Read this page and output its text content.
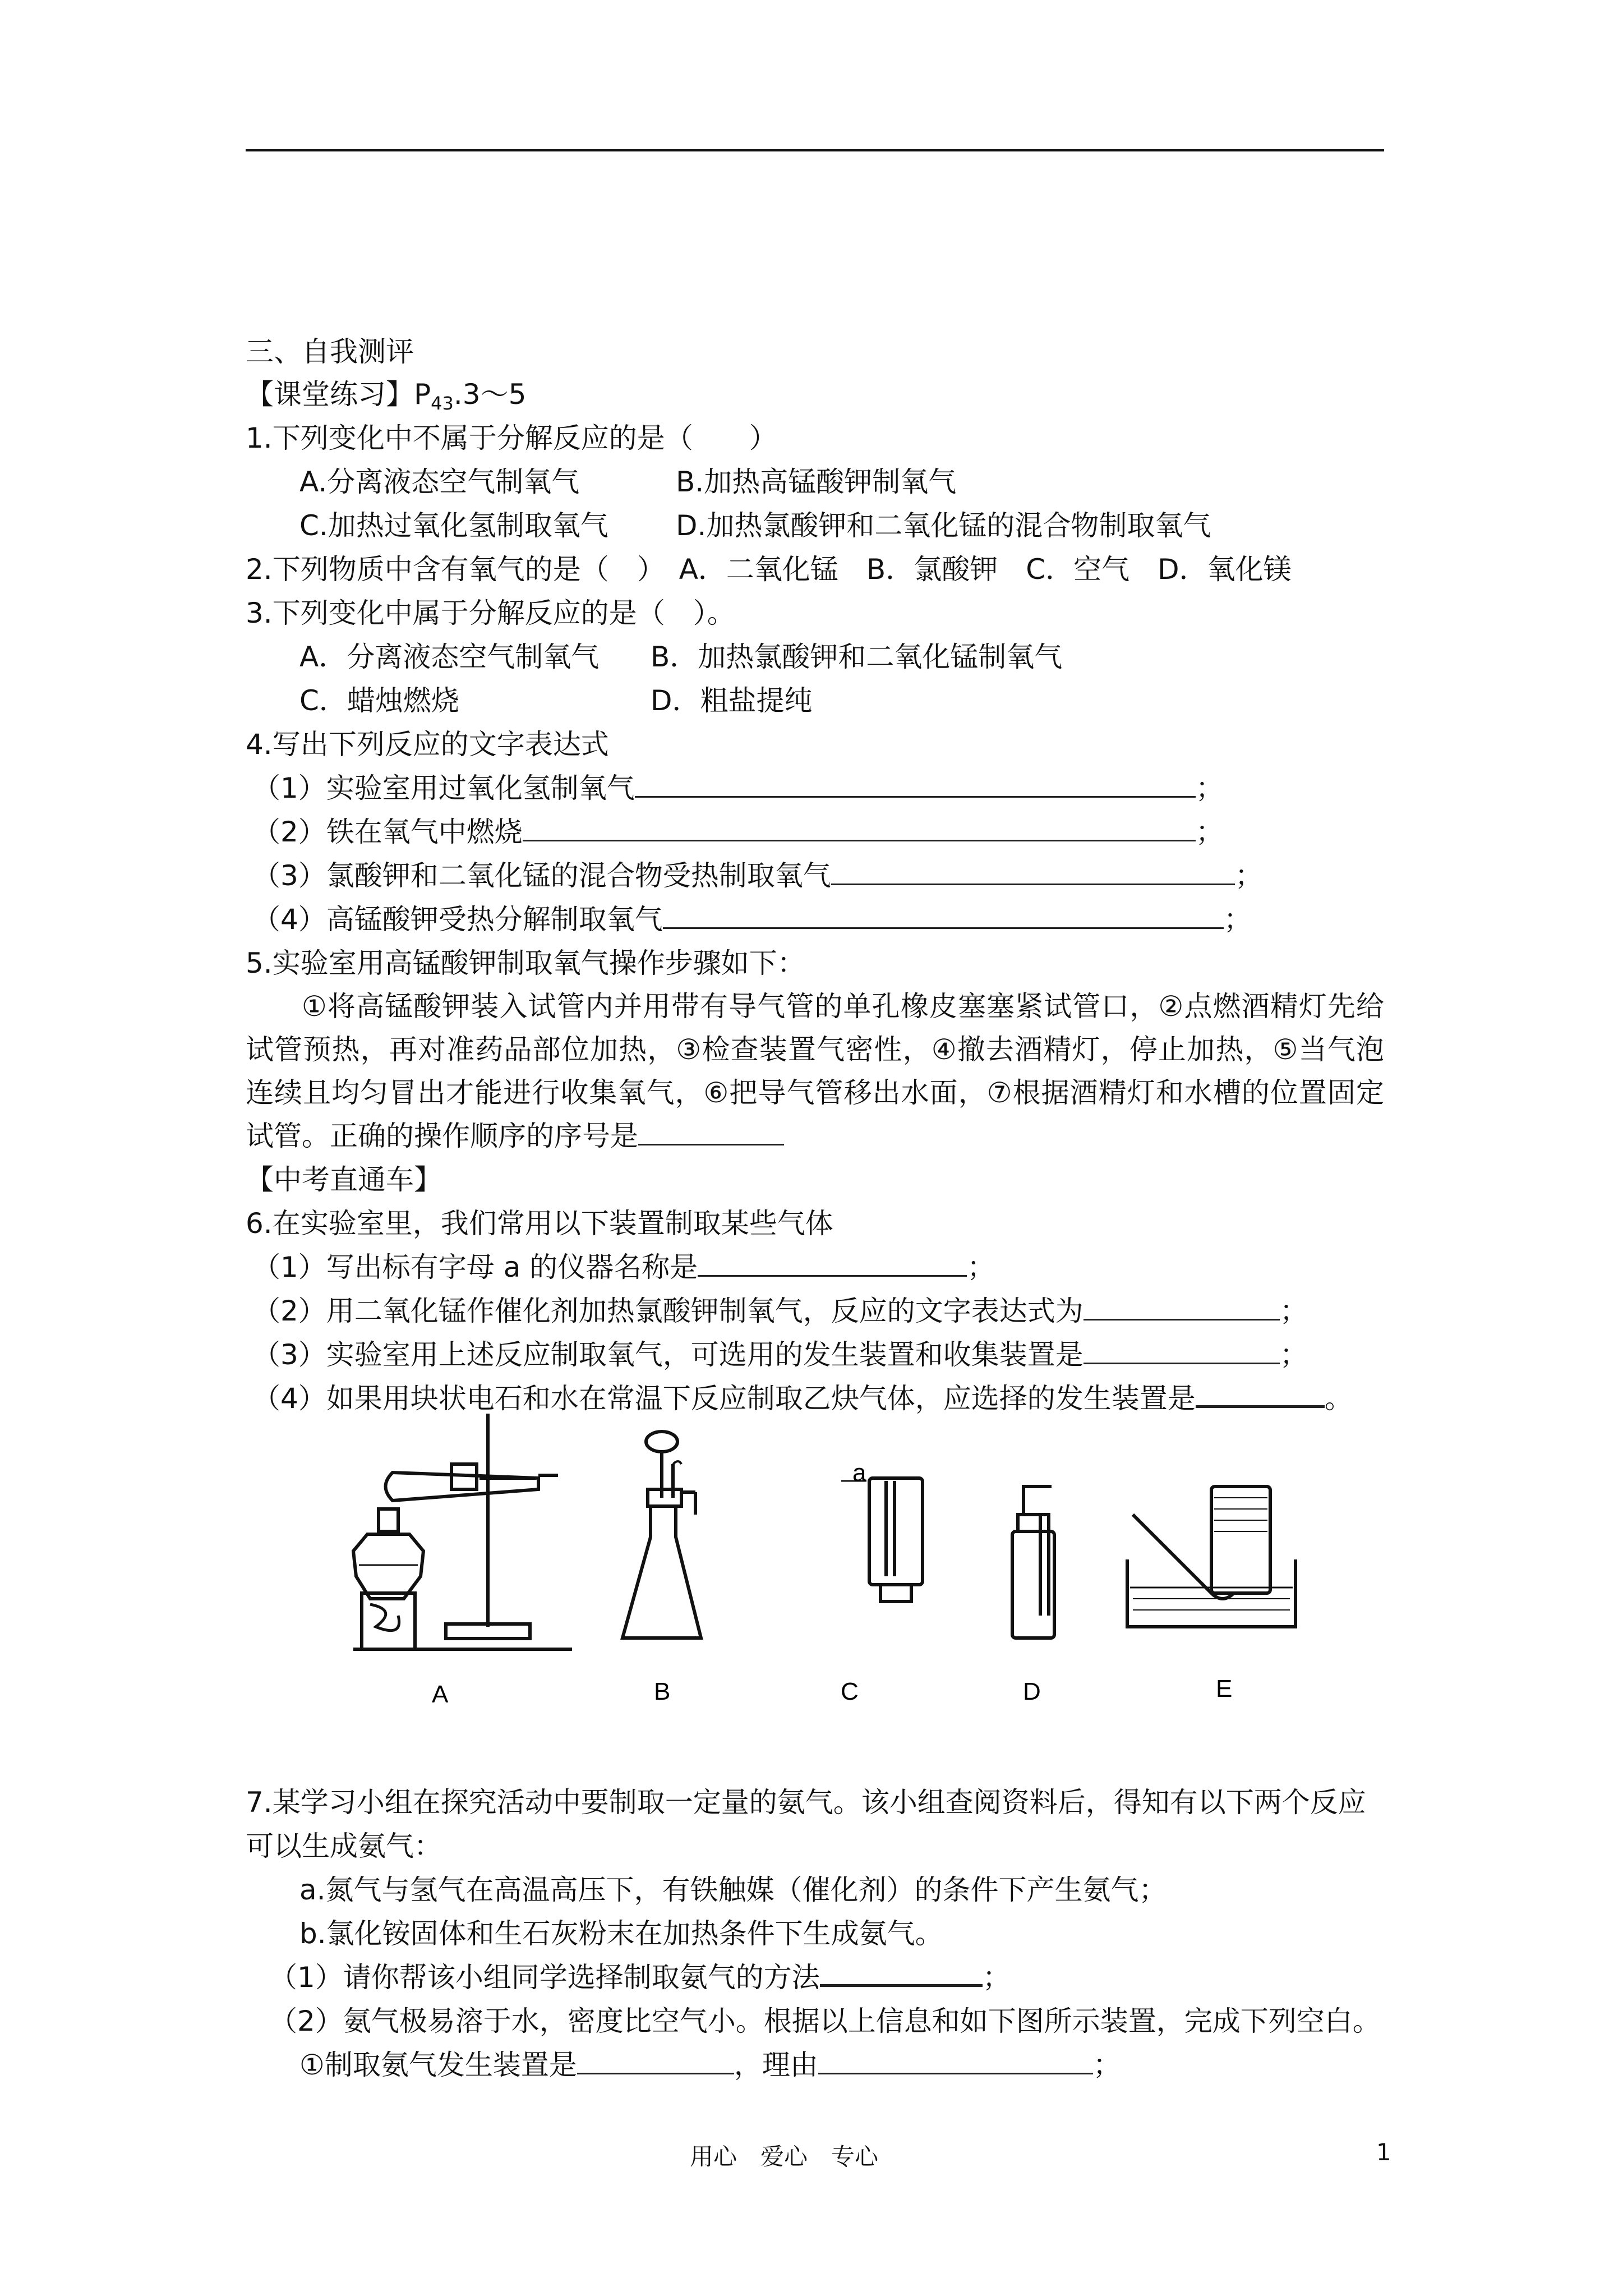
三、自我测评
【课堂练习】$P_{43}.3\sim 5$
1.下列变化中不属于分解反应的是（　　）
A.分离液态空气制氧气	B.加热高锰酸钾制氧气
C.加热过氧化氢制取氧气 D.加热氯酸钾和二氧化锰的混合物制取氧气
2.下列物质中含有氧气的是（　）　A．二氧化锰　B．氯酸钾　C．空气　D．氧化镁
3.下列变化中属于分解反应的是（　）。
A．分离液态空气制氧气 B．加热氯酸钾和二氧化锰制氧气
C．蜡烛燃烧	D．粗盐提纯
4.写出下列反应的文字表达式
（1）实验室用过氧化氢制氧气	；
（2）铁在氧气中燃烧	；
（3）氯酸钾和二氧化锰的混合物受热制取氧气	；
（4）高锰酸钾受热分解制取氧气	；
5.实验室用高锰酸钾制取氧气操作步骤如下：
①将高锰酸钾装入试管内并用带有导气管的单孔橡皮塞塞紧试管口，②点燃酒精灯先给试管预热，再对准药品部位加热，③检查装置气密性，④撤去酒精灯，停止加热，⑤当气泡连续且均匀冒出才能进行收集氧气，⑥把导气管移出水面，⑦根据酒精灯和水槽的位置固定试管。正确的操作顺序的序号是
【中考直通车】
6.在实验室里，我们常用以下装置制取某些气体
（1）写出标有字母 a 的仪器名称是	；
（2）用二氧化锰作催化剂加热氯酸钾制氧气，反应的文字表达式为	；
（3）实验室用上述反应制取氧气，可选用的发生装置和收集装置是	；
（4）如果用块状电石和水在常温下反应制取乙炔气体，应选择的发生装置是	。
a
A	B	C	D	E
7.某学习小组在探究活动中要制取一定量的氨气。该小组查阅资料后，得知有以下两个反应
可以生成氨气：
a.氮气与氢气在高温高压下，有铁触媒（催化剂）的条件下产生氨气；
b.氯化铵固体和生石灰粉末在加热条件下生成氨气。
（1）请你帮该小组同学选择制取氨气的方法	；
（2）氨气极易溶于水，密度比空气小。根据以上信息和如下图所示装置，完成下列空白。
①制取氨气发生装置是	，理由	；
用心　爱心　专心	1
